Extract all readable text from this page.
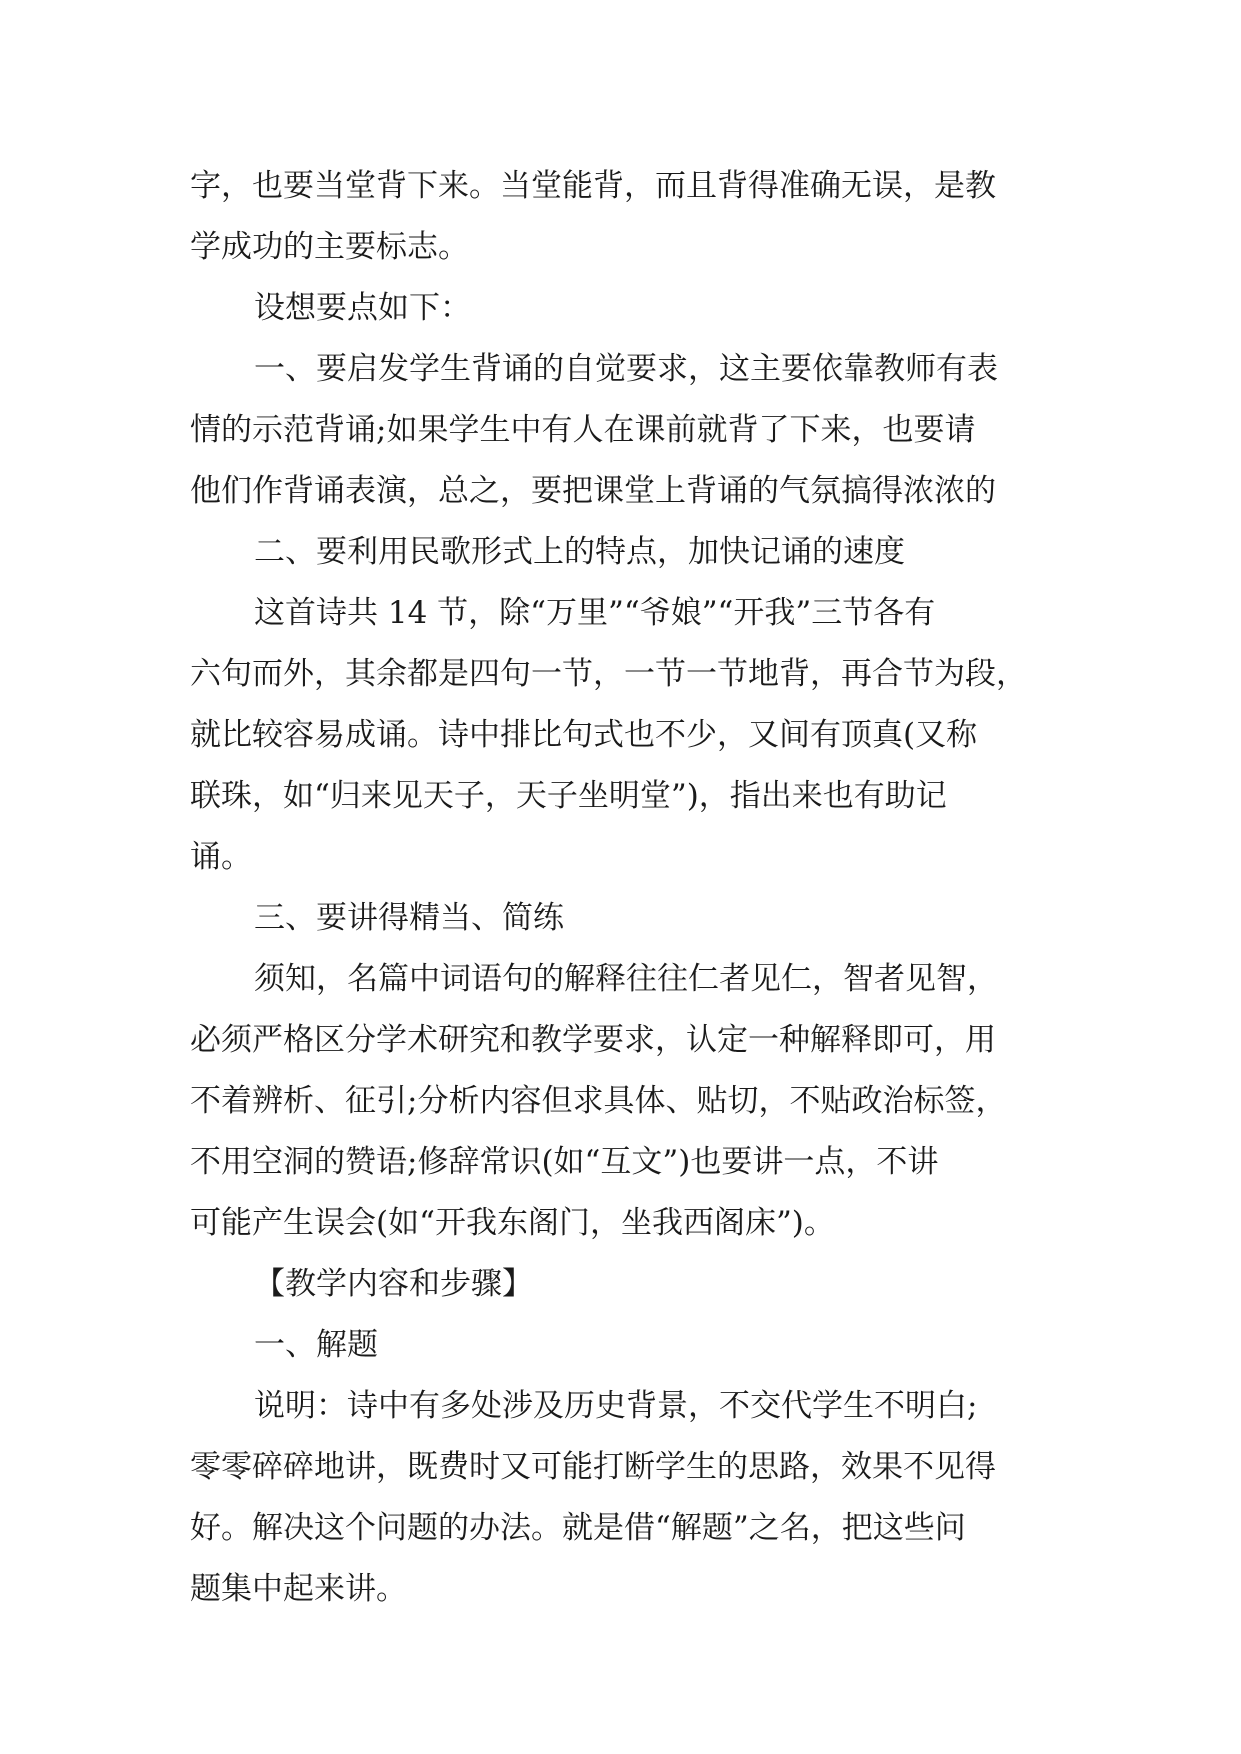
字，也要当堂背下来。当堂能背，而且背得准确无误，是教
学成功的主要标志。
设想要点如下：
一、要启发学生背诵的自觉要求，这主要依靠教师有表
情的示范背诵;如果学生中有人在课前就背了下来，也要请
他们作背诵表演，总之，要把课堂上背诵的气氛搞得浓浓的
二、要利用民歌形式上的特点，加快记诵的速度
这首诗共 14 节，除“万里”“爷娘”“开我”三节各有
六句而外，其余都是四句一节，一节一节地背，再合节为段，
就比较容易成诵。诗中排比句式也不少，又间有顶真(又称
联珠，如“归来见天子，天子坐明堂”)，指出来也有助记
诵。
三、要讲得精当、简练
须知，名篇中词语句的解释往往仁者见仁，智者见智，
必须严格区分学术研究和教学要求，认定一种解释即可，用
不着辨析、征引;分析内容但求具体、贴切，不贴政治标签，
不用空洞的赞语;修辞常识(如“互文”)也要讲一点，不讲
可能产生误会(如“开我东阁门，坐我西阁床”)。
【教学内容和步骤】
一、解题
说明：诗中有多处涉及历史背景，不交代学生不明白;
零零碎碎地讲，既费时又可能打断学生的思路，效果不见得
好。解决这个问题的办法。就是借“解题”之名，把这些问
题集中起来讲。
